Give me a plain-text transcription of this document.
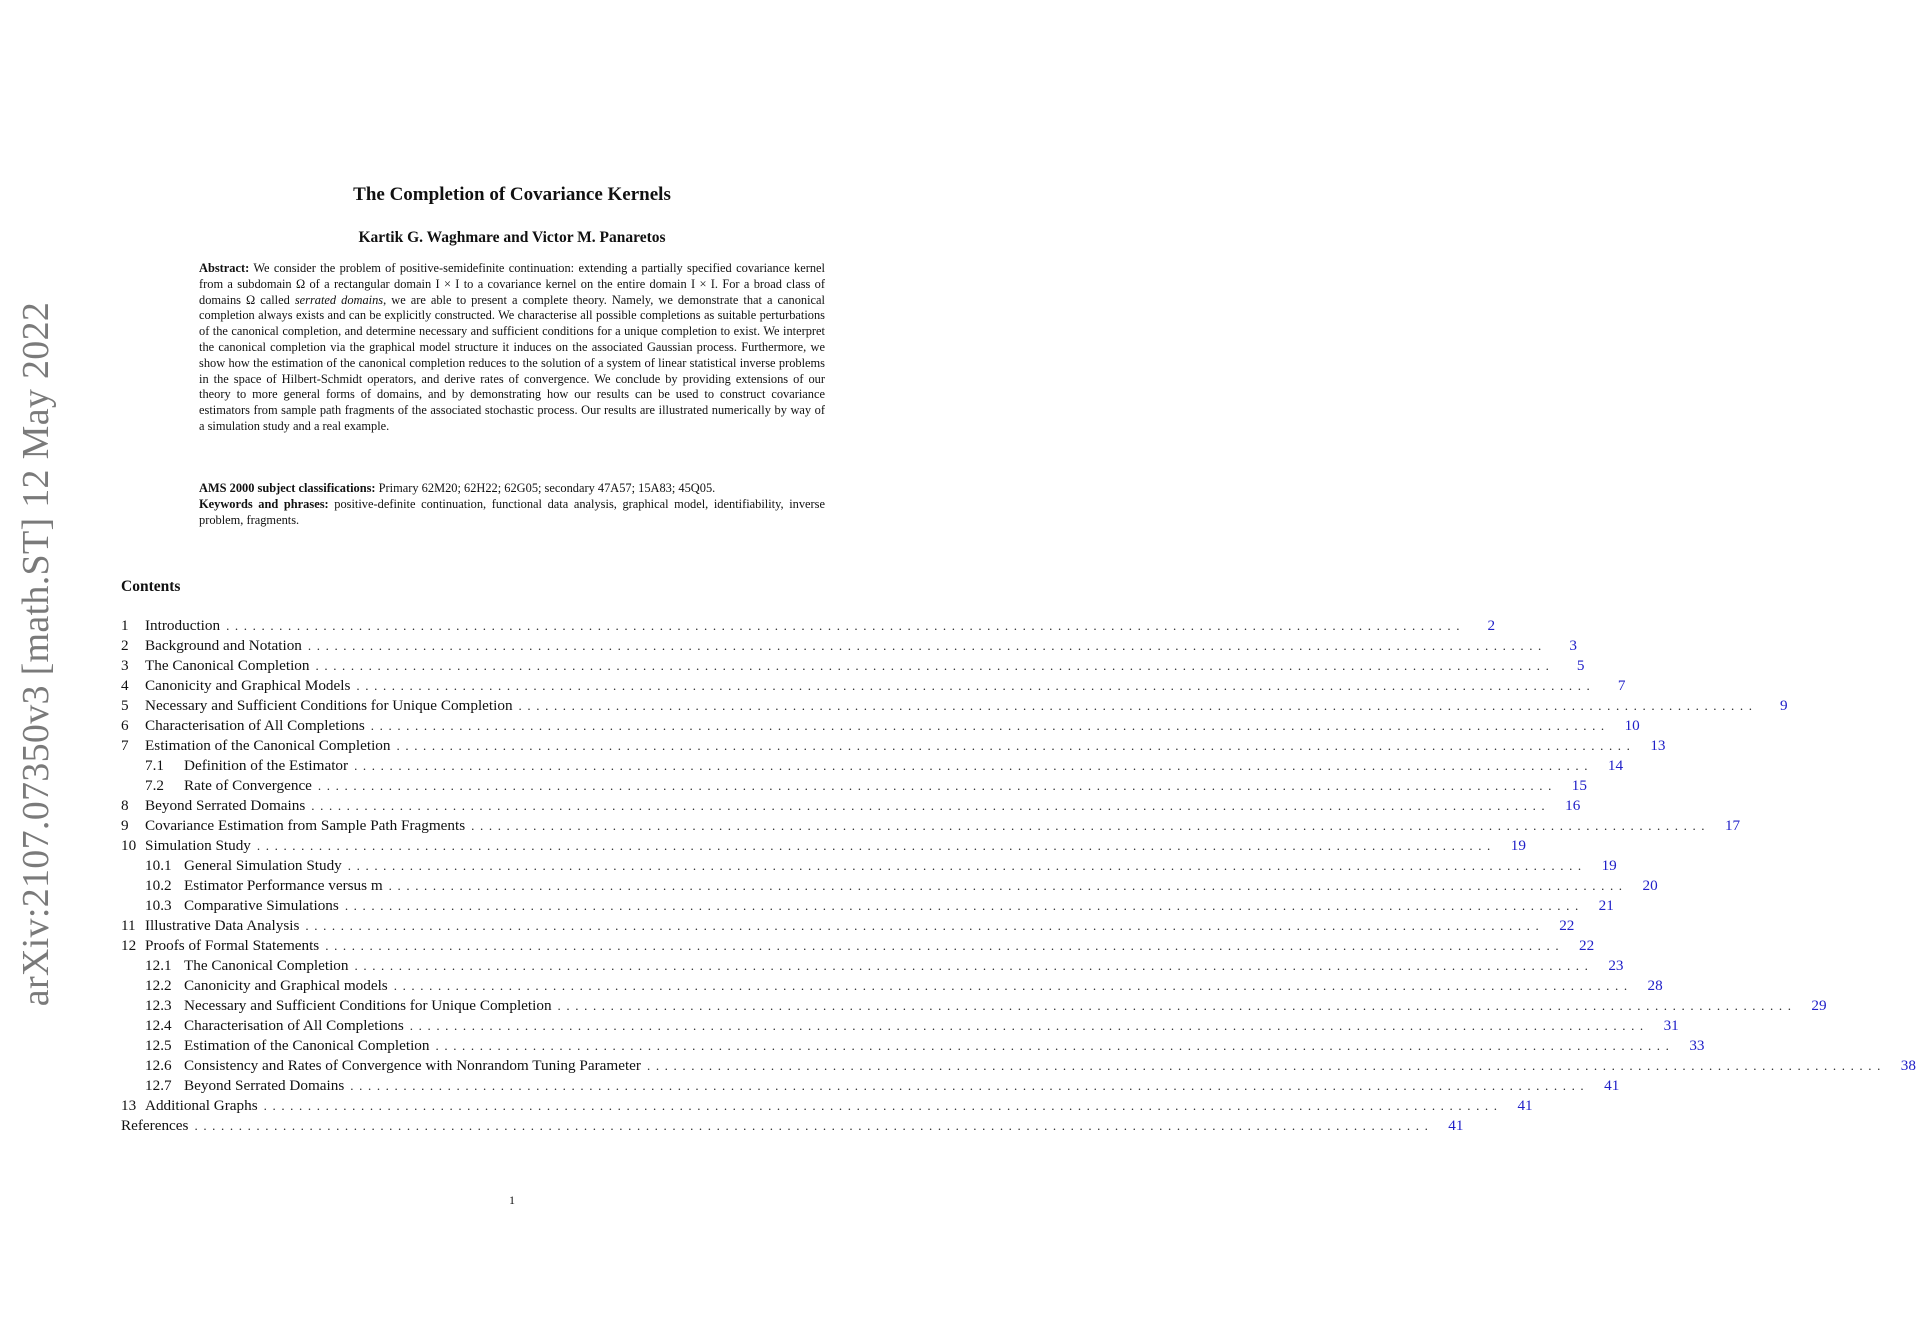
arXiv:2107.07350v3 [math.ST] 12 May 2022
The Completion of Covariance Kernels
Kartik G. Waghmare and Victor M. Panaretos
Abstract: We consider the problem of positive-semidefinite continuation: extending a partially specified covariance kernel from a subdomain Ω of a rectangular domain I × I to a covariance kernel on the entire domain I × I. For a broad class of domains Ω called serrated domains, we are able to present a complete theory. Namely, we demonstrate that a canonical completion always exists and can be explicitly constructed. We characterise all possible completions as suitable perturbations of the canonical completion, and determine necessary and sufficient conditions for a unique completion to exist. We interpret the canonical completion via the graphical model structure it induces on the associated Gaussian process. Furthermore, we show how the estimation of the canonical completion reduces to the solution of a system of linear statistical inverse problems in the space of Hilbert-Schmidt operators, and derive rates of convergence. We conclude by providing extensions of our theory to more general forms of domains, and by demonstrating how our results can be used to construct covariance estimators from sample path fragments of the associated stochastic process. Our results are illustrated numerically by way of a simulation study and a real example.
AMS 2000 subject classifications: Primary 62M20; 62H22; 62G05; secondary 47A57; 15A83; 45Q05.
Keywords and phrases: positive-definite continuation, functional data analysis, graphical model, identifiability, inverse problem, fragments.
Contents
1	Introduction ............................................................................................................................................	2
2	Background and Notation ............................................................................................................................................	3
3	The Canonical Completion ............................................................................................................................................	5
4	Canonicity and Graphical Models ............................................................................................................................................	7
5	Necessary and Sufficient Conditions for Unique Completion ............................................................................................................................................	9
6	Characterisation of All Completions ............................................................................................................................................ 10
7	Estimation of the Canonical Completion ............................................................................................................................................ 13
7.1	Definition of the Estimator ............................................................................................................................................ 14
7.2	Rate of Convergence ............................................................................................................................................ 15
8	Beyond Serrated Domains ............................................................................................................................................ 16
9	Covariance Estimation from Sample Path Fragments ............................................................................................................................................ 17
10 Simulation Study ............................................................................................................................................ 19
10.1 General Simulation Study ............................................................................................................................................ 19
10.2 Estimator Performance versus m ............................................................................................................................................ 20
10.3 Comparative Simulations ............................................................................................................................................ 21
11 Illustrative Data Analysis ............................................................................................................................................ 22
12 Proofs of Formal Statements ............................................................................................................................................ 22
12.1 The Canonical Completion ............................................................................................................................................ 23
12.2 Canonicity and Graphical models ............................................................................................................................................ 28
12.3 Necessary and Sufficient Conditions for Unique Completion ............................................................................................................................................ 29
12.4 Characterisation of All Completions ............................................................................................................................................ 31
12.5 Estimation of the Canonical Completion ............................................................................................................................................ 33
12.6 Consistency and Rates of Convergence with Nonrandom Tuning Parameter ............................................................................................................................................ 38
12.7 Beyond Serrated Domains ............................................................................................................................................ 41
13 Additional Graphs ............................................................................................................................................ 41
References ............................................................................................................................................ 41
1
